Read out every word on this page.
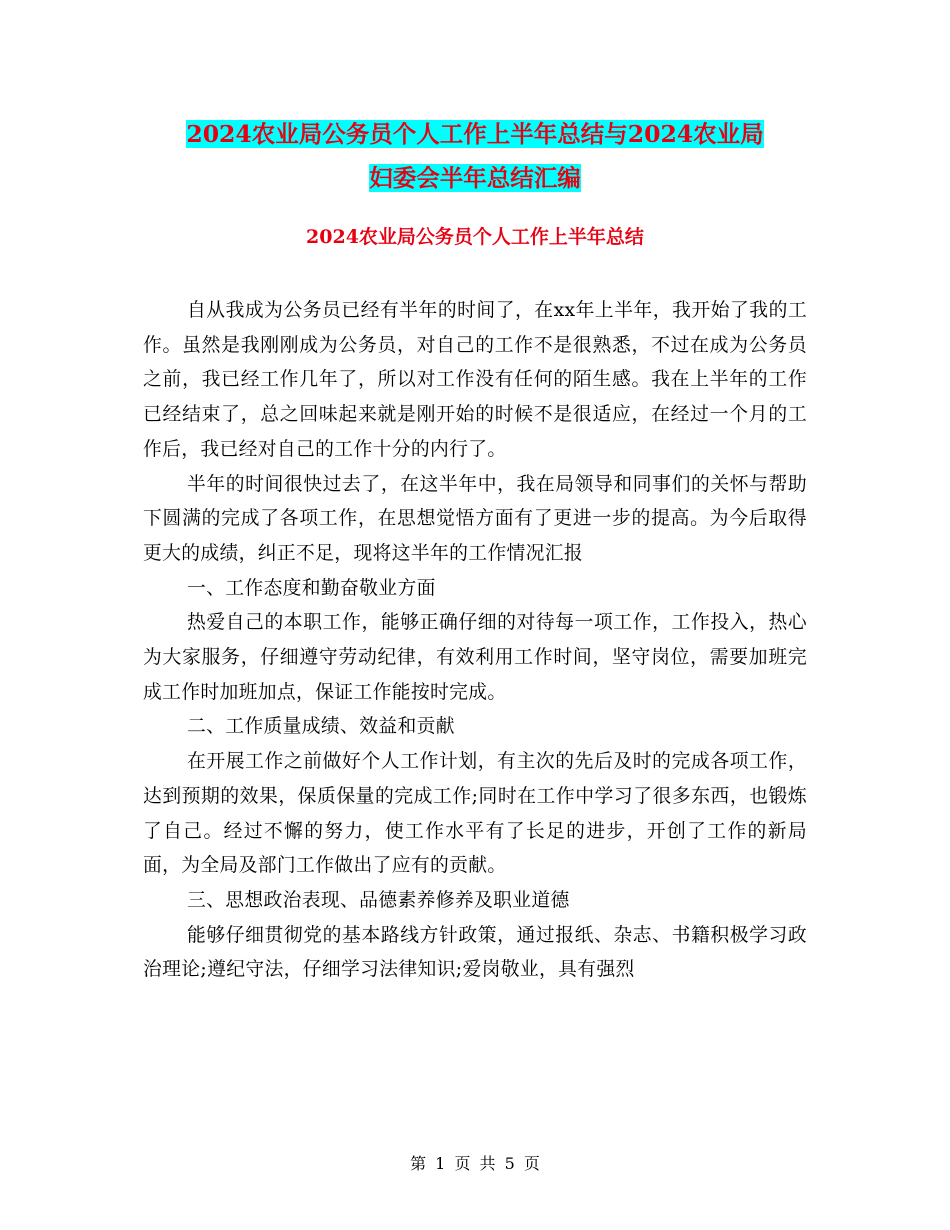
2024农业局公务员个人工作上半年总结与2024农业局
妇委会半年总结汇编
2024农业局公务员个人工作上半年总结

自从我成为公务员已经有半年的时间了，在xx年上半年，我开始了我的工作。虽然是我刚刚成为公务员，对自己的工作不是很熟悉，不过在成为公务员之前，我已经工作几年了，所以对工作没有任何的陌生感。我在上半年的工作已经结束了，总之回味起来就是刚开始的时候不是很适应，在经过一个月的工作后，我已经对自己的工作十分的内行了。

半年的时间很快过去了，在这半年中，我在局领导和同事们的关怀与帮助下圆满的完成了各项工作，在思想觉悟方面有了更进一步的提高。为今后取得更大的成绩，纠正不足，现将这半年的工作情况汇报

一、工作态度和勤奋敬业方面

热爱自己的本职工作，能够正确仔细的对待每一项工作，工作投入，热心为大家服务，仔细遵守劳动纪律，有效利用工作时间，坚守岗位，需要加班完成工作时加班加点，保证工作能按时完成。

二、工作质量成绩、效益和贡献

在开展工作之前做好个人工作计划，有主次的先后及时的完成各项工作，达到预期的效果，保质保量的完成工作;同时在工作中学习了很多东西，也锻炼了自己。经过不懈的努力，使工作水平有了长足的进步，开创了工作的新局面，为全局及部门工作做出了应有的贡献。

三、思想政治表现、品德素养修养及职业道德

能够仔细贯彻党的基本路线方针政策，通过报纸、杂志、书籍积极学习政治理论;遵纪守法，仔细学习法律知识;爱岗敬业，具有强烈

第 1 页 共 5 页
